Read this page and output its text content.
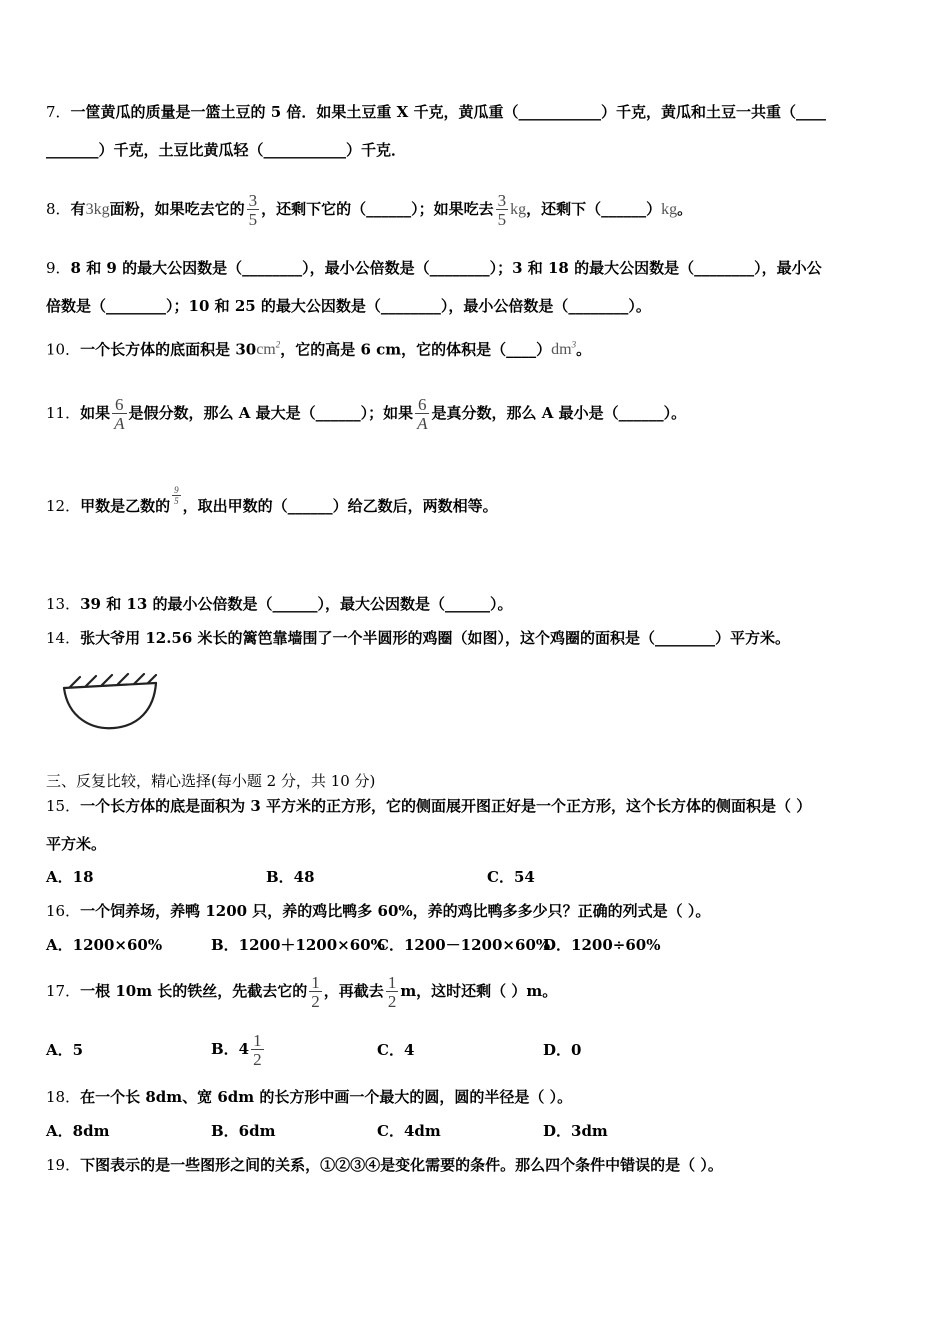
7．一筐黄瓜的质量是一篮土豆的 5 倍．如果土豆重 X 千克，黄瓜重（___________）千克，黄瓜和土豆一共重（____
_______）千克，土豆比黄瓜轻（___________）千克．
8．有3kg面粉，如果吃去它的 $\frac{3}{5}$ ，还剩下它的（______）；如果吃去 $\frac{3}{5}$ kg，还剩下（______）kg。
9．8 和 9 的最大公因数是（________），最小公倍数是（________）；3 和 18 的最大公因数是（________），最小公
倍数是（________）；10 和 25 的最大公因数是（________），最小公倍数是（________）。
10．一个长方体的底面积是 $30cm^2$，它的高是 6 cm，它的体积是$(\_\_\_\_)dm^3$。
11．如果 $\frac{6}{A}$ 是假分数，那么 A 最大是（______）；如果 $\frac{6}{A}$ 是真分数，那么 A 最小是（______）。
12．甲数是乙数的 $\frac{9}{5}$ ，取出甲数的（______）给乙数后，两数相等。
13．39 和 13 的最小公倍数是（______），最大公因数是（______）。
14．张大爷用 12.56 米长的篱笆靠墙围了一个半圆形的鸡圈（如图），这个鸡圈的面积是（________）平方米。
三、反复比较，精心选择(每小题 2 分，共 10 分)
15．一个长方体的底是面积为 3 平方米的正方形，它的侧面展开图正好是一个正方形，这个长方体的侧面积是（ ）
平方米。
A．18	B．48	C．54
16．一个饲养场，养鸭 1200 只，养的鸡比鸭多 60%，养的鸡比鸭多多少只？正确的列式是（ ）。
A．1200×60%	B．1200＋1200×60%
C．1200－1200×60%
D．1200÷60%
17．一根 10m 长的铁丝，先截去它的 $\frac{1}{2}$ ，再截去 $\frac{1}{2}$ m，这时还剩（ ）m。
A．5	B．$4 \frac{1}{2}$	C．4	D．0
18．在一个长 8dm、宽 6dm 的长方形中画一个最大的圆，圆的半径是（ ）。
A．8dm	B．6dm	C．4dm	D．3dm
19．下图表示的是一些图形之间的关系，①②③④是变化需要的条件。那么四个条件中错误的是（ ）。
